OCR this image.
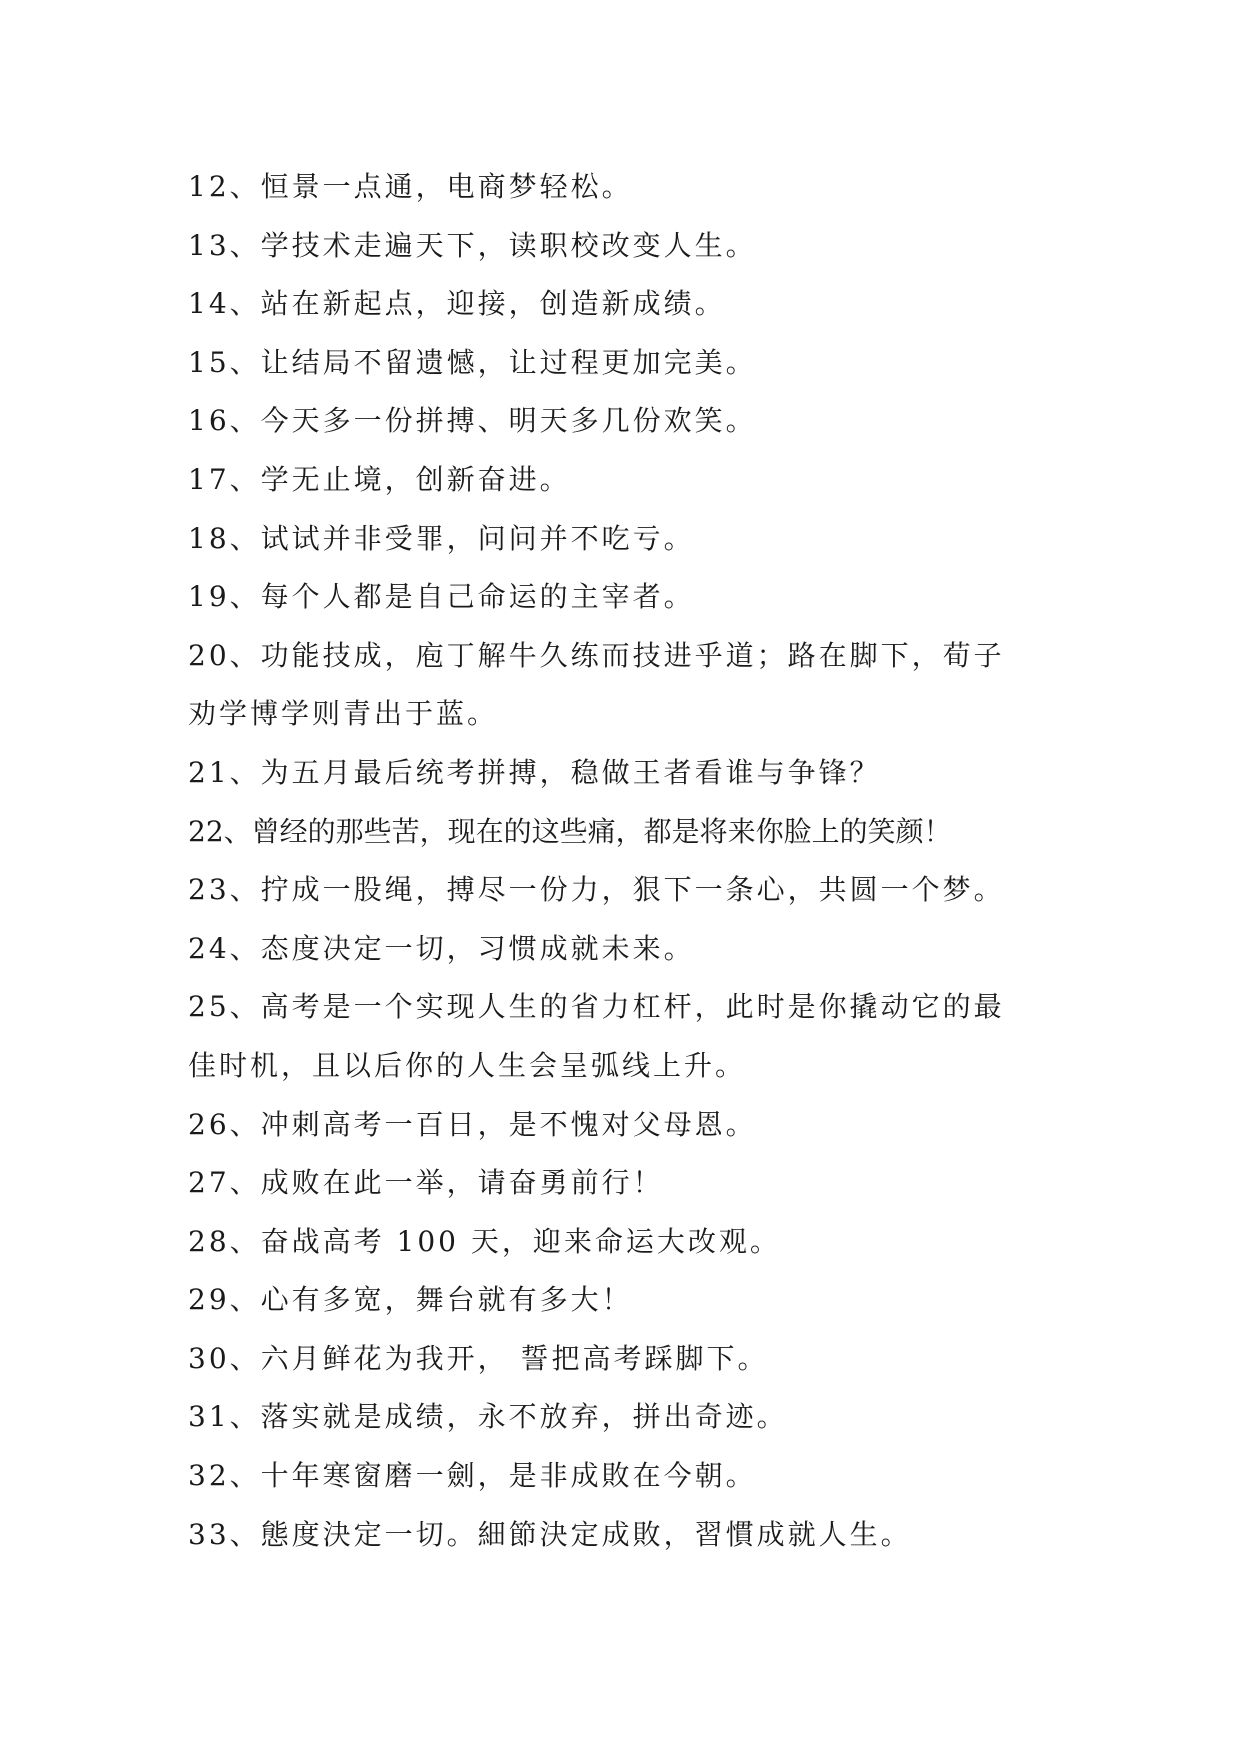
12、恒景一点通，电商梦轻松。
13、学技术走遍天下，读职校改变人生。
14、站在新起点，迎接，创造新成绩。
15、让结局不留遗憾，让过程更加完美。
16、今天多一份拼搏、明天多几份欢笑。
17、学无止境，创新奋进。
18、试试并非受罪，问问并不吃亏。
19、每个人都是自己命运的主宰者。
20、功能技成，庖丁解牛久练而技进乎道；路在脚下，荀子
劝学博学则青出于蓝。
21、为五月最后统考拼搏，稳做王者看谁与争锋？
22、曾经的那些苦，现在的这些痛，都是将来你脸上的笑颜！
23、拧成一股绳，搏尽一份力，狠下一条心，共圆一个梦。
24、态度决定一切，习惯成就未来。
25、高考是一个实现人生的省力杠杆，此时是你撬动它的最
佳时机，且以后你的人生会呈弧线上升。
26、冲刺高考一百日，是不愧对父母恩。
27、成败在此一举，请奋勇前行！
28、奋战高考 100 天，迎来命运大改观。
29、心有多宽，舞台就有多大！
30、六月鲜花为我开， 誓把高考踩脚下。
31、落实就是成绩，永不放弃，拼出奇迹。
32、十年寒窗磨一劍，是非成敗在今朝。
33、態度決定一切。細節決定成敗，習慣成就人生。
